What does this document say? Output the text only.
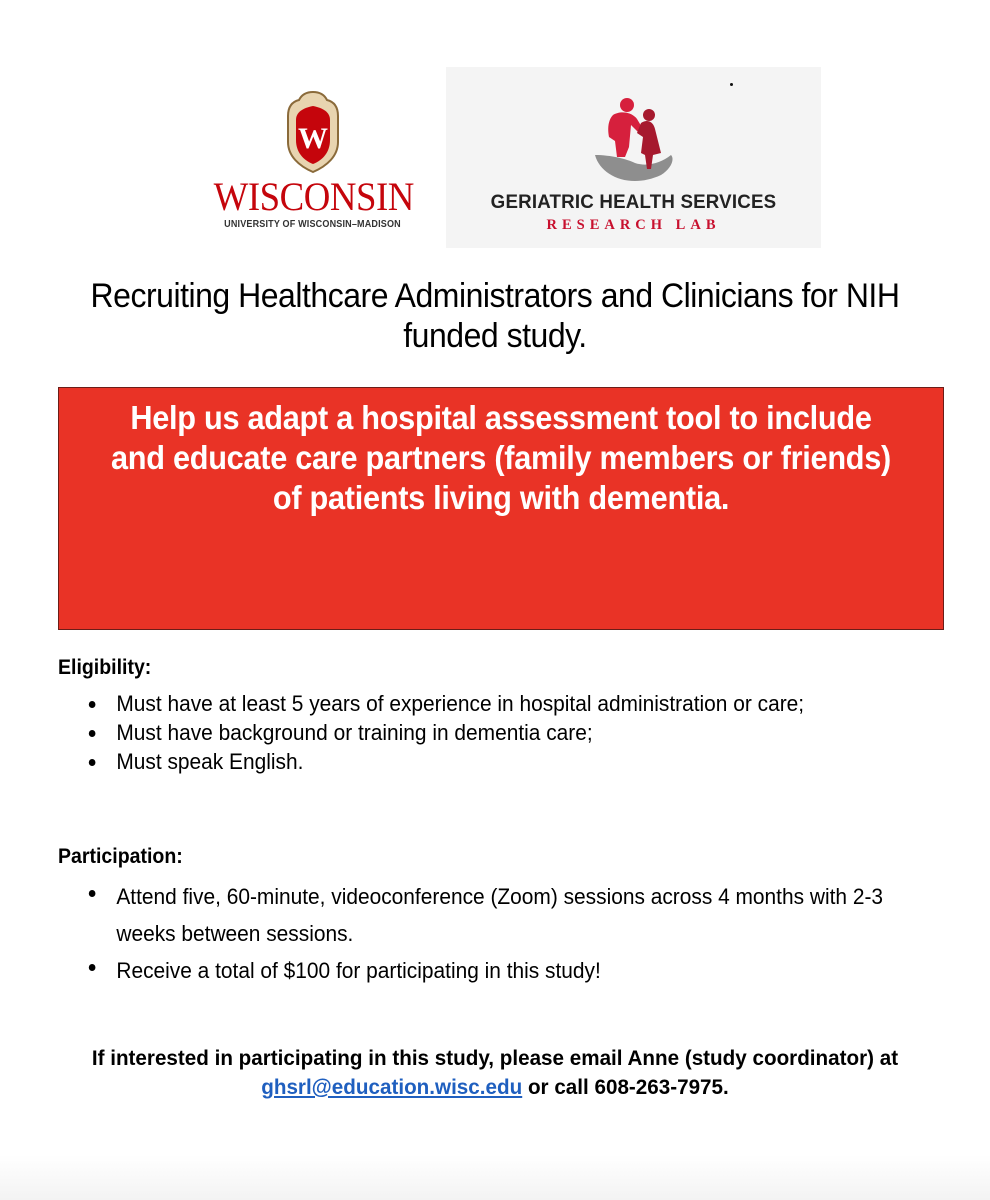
W
WISCONSIN
UNIVERSITY OF WISCONSIN–MADISON
GERIATRIC HEALTH SERVICES
RESEARCH LAB
Recruiting Healthcare Administrators and Clinicians for NIH funded study.
Help us adapt a hospital assessment tool to include and educate care partners (family members or friends) of patients living with dementia.
Eligibility:
Must have at least 5 years of experience in hospital administration or care;
Must have background or training in dementia care;
Must speak English.
Participation:
Attend five, 60-minute, videoconference (Zoom) sessions across 4 months with 2-3 weeks between sessions.
Receive a total of $100 for participating in this study!
If interested in participating in this study, please email Anne (study coordinator) at ghsrl@education.wisc.edu or call 608-263-7975.
